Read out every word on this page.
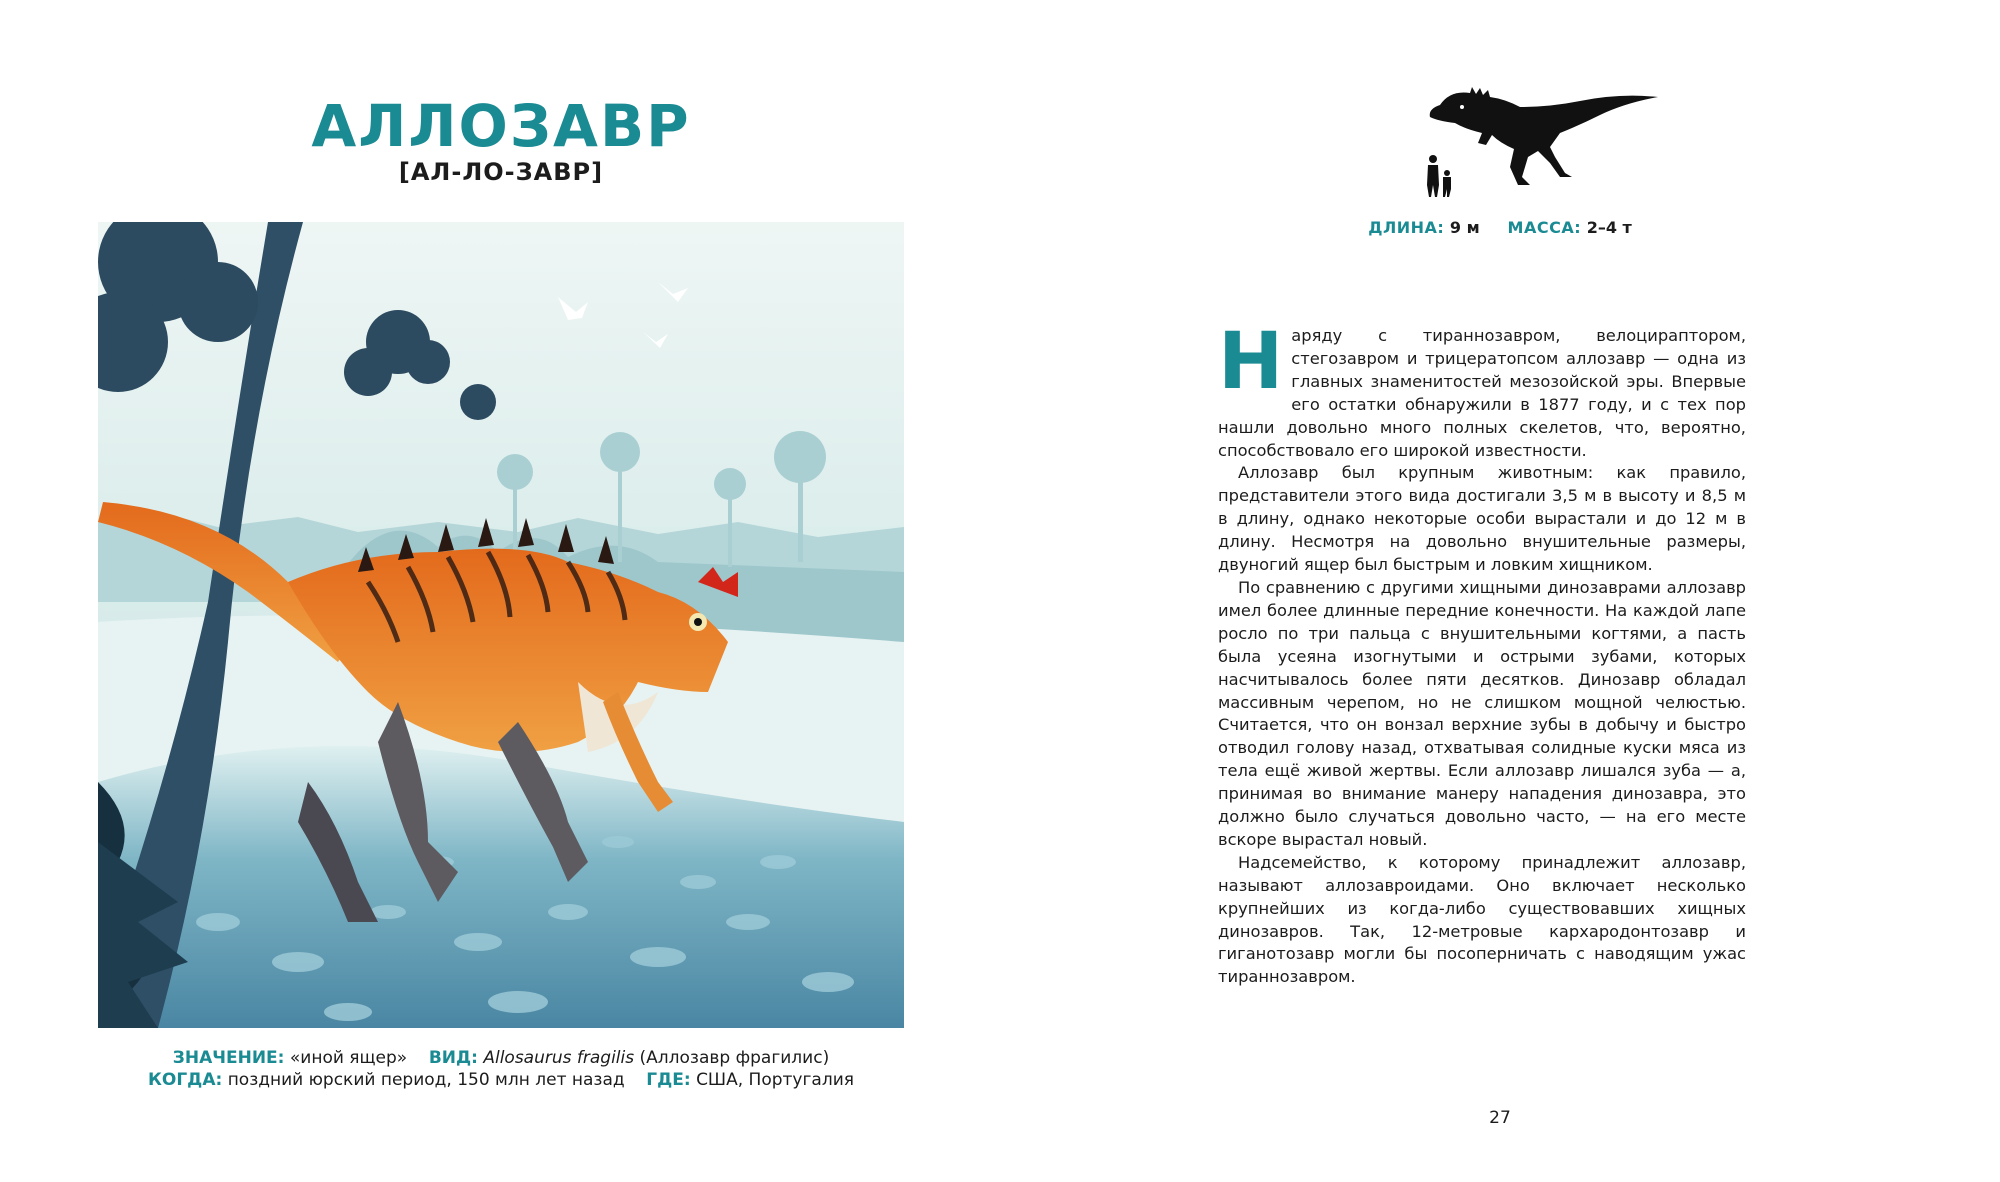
АЛЛОЗАВР
[АЛ-ЛО-ЗАВР]
ЗНАЧЕНИЕ: «иной ящер» ВИД: Allosaurus fragilis (Аллозавр фрагилис)
КОГДА: поздний юрский период, 150 млн лет назад ГДЕ: США, Португалия
ДЛИНА: 9 м МАССА: 2–4 т

Н аряду с тираннозавром, велоцираптором, стегозавром и трицератопсом аллозавр — одна из главных знаменитостей мезозойской эры. Впервые его остатки обнаружили в 1877 году, и с тех пор нашли довольно много полных скелетов, что, вероятно, способствовало его широкой известности.

Аллозавр был крупным животным: как правило, представители этого вида достигали 3,5 м в высоту и 8,5 м в длину, однако некоторые особи вырастали и до 12 м в длину. Несмотря на довольно внушительные размеры, двуногий ящер был быстрым и ловким хищником.

По сравнению с другими хищными динозаврами аллозавр имел более длинные передние конечности. На каждой лапе росло по три пальца с внушительными когтями, а пасть была усеяна изогнутыми и острыми зубами, которых насчитывалось более пяти десятков. Динозавр обладал массивным черепом, но не слишком мощной челюстью. Считается, что он вонзал верхние зубы в добычу и быстро отводил голову назад, отхватывая солидные куски мяса из тела ещё живой жертвы. Если аллозавр лишался зуба — а, принимая во внимание манеру нападения динозавра, это должно было случаться довольно часто, — на его месте вскоре вырастал новый.

Надсемейство, к которому принадлежит аллозавр, называют аллозавроидами. Оно включает несколько крупнейших из когда-либо существовавших хищных динозавров. Так, 12-метровые кархародонтозавр и гиганотозавр могли бы посоперничать с наводящим ужас тираннозавром.

27
